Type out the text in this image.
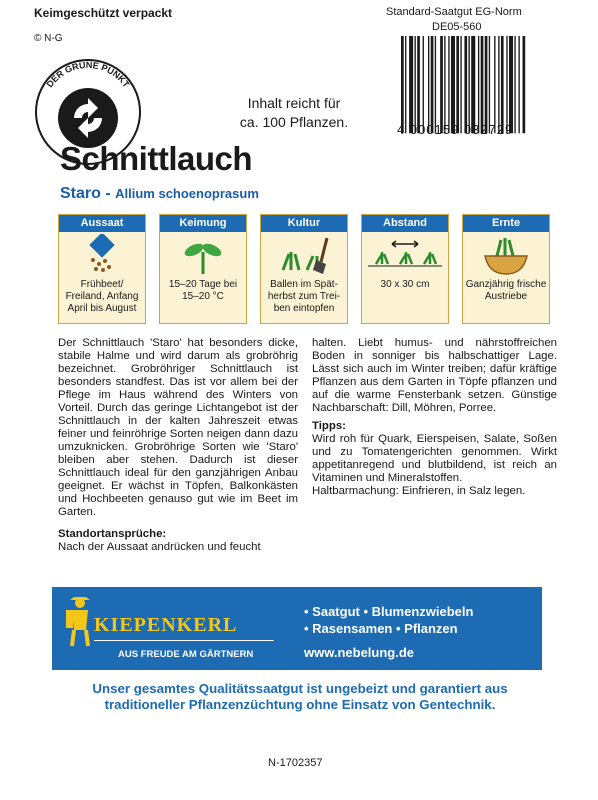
Keimgeschützt verpackt
© N-G
Standard-Saatgut EG-Norm
DE05-560
4 000159 032729
DER GRÜNE PUNKT
Inhalt reicht für
ca. 100 Pflanzen.
Schnittlauch
Staro - Allium schoenoprasum
Aussaat
Frühbeet/ Freiland, Anfang April bis August
Keimung
15–20 Tage bei 15–20 °C
Kultur
Ballen im Spät- herbst zum Trei- ben eintopfen
Abstand
30 x 30 cm
Ernte
Ganzjährig frische Austriebe
Der Schnittlauch 'Staro' hat besonders dicke, stabile Halme und wird darum als grobröhrig bezeichnet. Grobröhriger Schnittlauch ist besonders standfest. Das ist vor allem bei der Pflege im Haus während des Winters von Vorteil. Durch das geringe Lichtangebot ist der Schnittlauch in der kalten Jahreszeit etwas feiner und feinröhrige Sorten neigen dann dazu umzuknicken. Grobröhrige Sorten wie 'Staro' bleiben aber stehen. Dadurch ist dieser Schnittlauch ideal für den ganzjährigen Anbau geeignet. Er wächst in Töpfen, Balkonkästen und Hochbeeten genauso gut wie im Beet im Garten.
Standortansprüche:
Nach der Aussaat andrücken und feucht
halten. Liebt humus- und nährstoffreichen Boden in sonniger bis halbschattiger Lage. Lässt sich auch im Winter treiben; dafür kräftige Pflanzen aus dem Garten in Töpfe pflanzen und auf die warme Fensterbank setzen. Günstige Nachbarschaft: Dill, Möhren, Porree.
Tipps:
Wird roh für Quark, Eierspeisen, Salate, Soßen und zu Tomatengerichten genommen. Wirkt appetitanregend und blutbildend, ist reich an Vitaminen und Mineralstoffen.
Haltbarmachung: Einfrieren, in Salz legen.
KIEPENKERL
AUS FREUDE AM GÄRTNERN
• Saatgut • Blumenzwiebeln
• Rasensamen • Pflanzen
www.nebelung.de
Unser gesamtes Qualitätssaatgut ist ungebeizt und garantiert aus traditioneller Pflanzenzüchtung ohne Einsatz von Gentechnik.
N-1702357
